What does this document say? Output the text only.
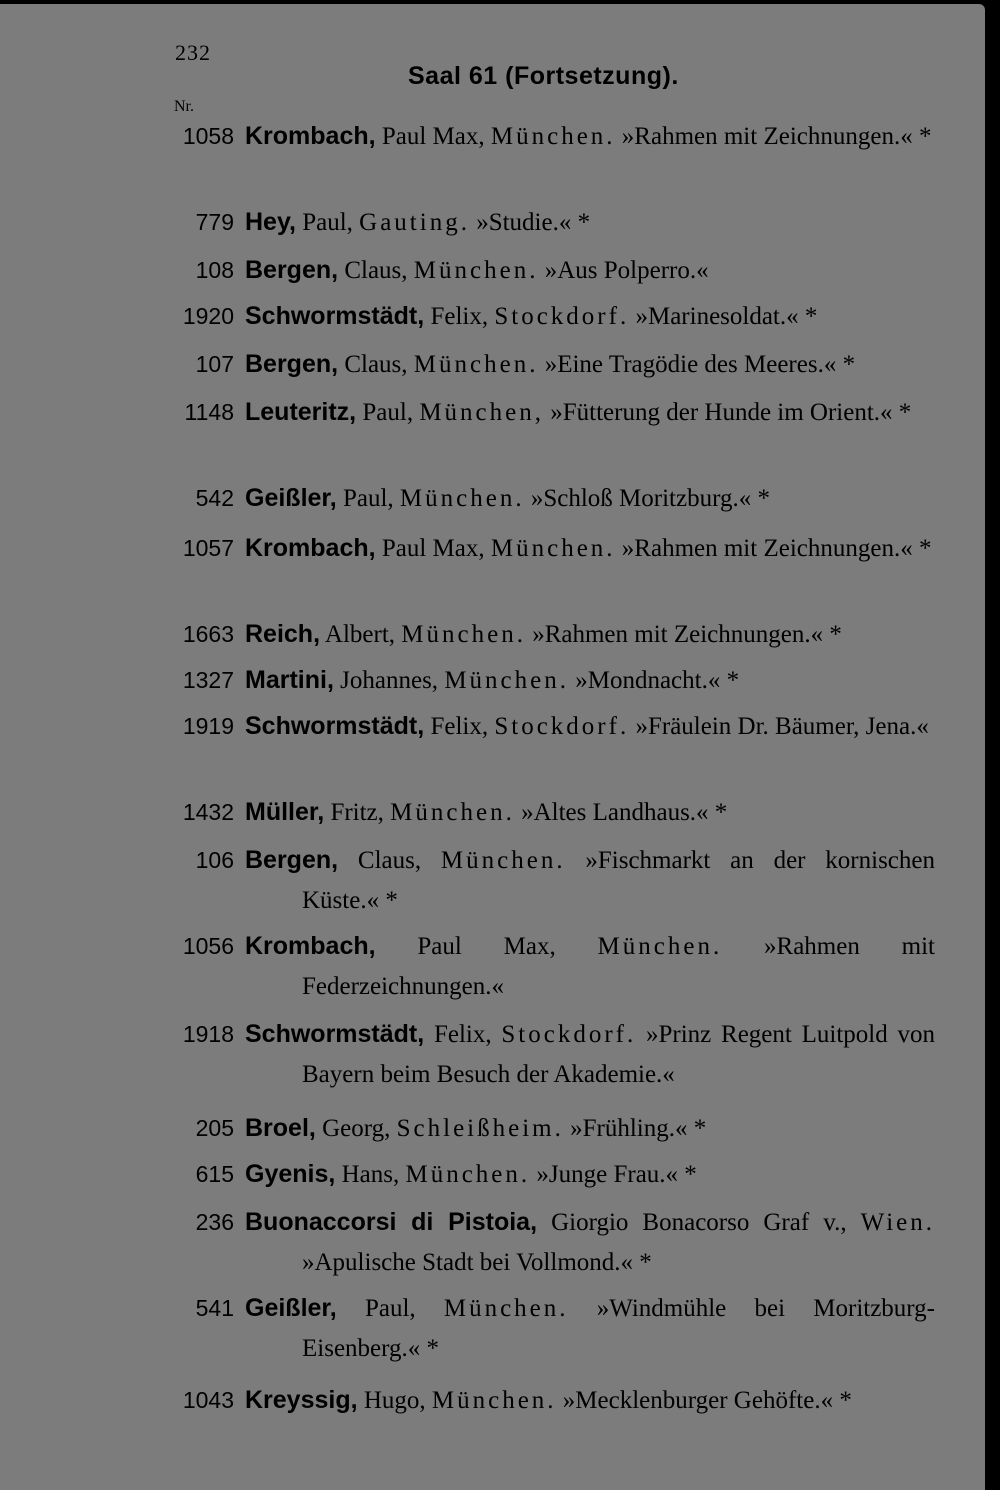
232
Saal 61 (Fortsetzung).
Nr.
1058 Krombach, Paul Max, München. »Rahmen mit Zeichnungen.« *
779 Hey, Paul, Gauting. »Studie.« *
108 Bergen, Claus, München. »Aus Polperro.«
1920 Schwormstädt, Felix, Stockdorf. »Marinesoldat.« *
107 Bergen, Claus, München. »Eine Tragödie des Meeres.« *
1148 Leuteritz, Paul, München, »Fütterung der Hunde im Orient.« *
542 Geißler, Paul, München. »Schloß Moritzburg.« *
1057 Krombach, Paul Max, München. »Rahmen mit Zeichnungen.« *
1663 Reich, Albert, München. »Rahmen mit Zeichnungen.« *
1327 Martini, Johannes, München. »Mondnacht.« *
1919 Schwormstädt, Felix, Stockdorf. »Fräulein Dr. Bäumer, Jena.«
1432 Müller, Fritz, München. »Altes Landhaus.« *
106 Bergen, Claus, München. »Fischmarkt an der kornischen Küste.« *
1056 Krombach, Paul Max, München. »Rahmen mit Federzeichnungen.«
1918 Schwormstädt, Felix, Stockdorf. »Prinz Regent Luitpold von Bayern beim Besuch der Akademie.«
205 Broel, Georg, Schleißheim. »Frühling.« *
615 Gyenis, Hans, München. »Junge Frau.« *
236 Buonaccorsi di Pistoia, Giorgio Bonacorso Graf v., Wien. »Apulische Stadt bei Vollmond.« *
541 Geißler, Paul, München. »Windmühle bei Moritzburg-Eisenberg.« *
1043 Kreyssig, Hugo, München. »Mecklenburger Gehöfte.« *
